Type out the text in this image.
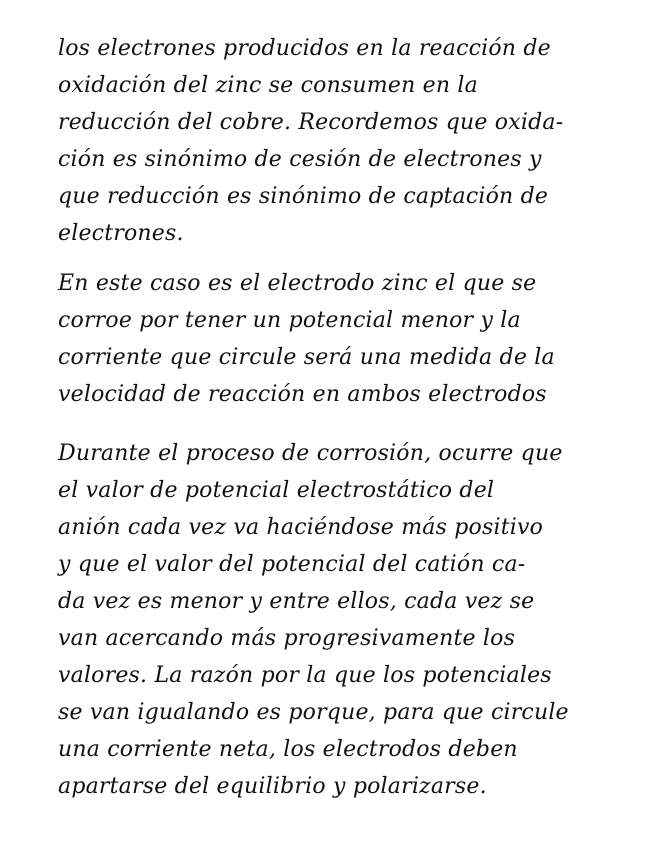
los electrones producidos en la reacción de
oxidación del zinc se consumen en la
reducción del cobre. Recordemos que oxida-
ción es sinónimo de cesión de electrones y
que reducción es sinónimo de captación de
electrones.
En este caso es el electrodo zinc el que se
corroe por tener un potencial menor y la
corriente que circule será una medida de la
velocidad de reacción en ambos electrodos
Durante el proceso de corrosión, ocurre que
el valor de potencial electrostático del
anión cada vez va haciéndose más positivo
y que el valor del potencial del catión ca-
da vez es menor y entre ellos, cada vez se
van acercando más progresivamente los
valores. La razón por la que los potenciales
se van igualando es porque, para que circule
una corriente neta, los electrodos deben
apartarse del equilibrio y polarizarse.
